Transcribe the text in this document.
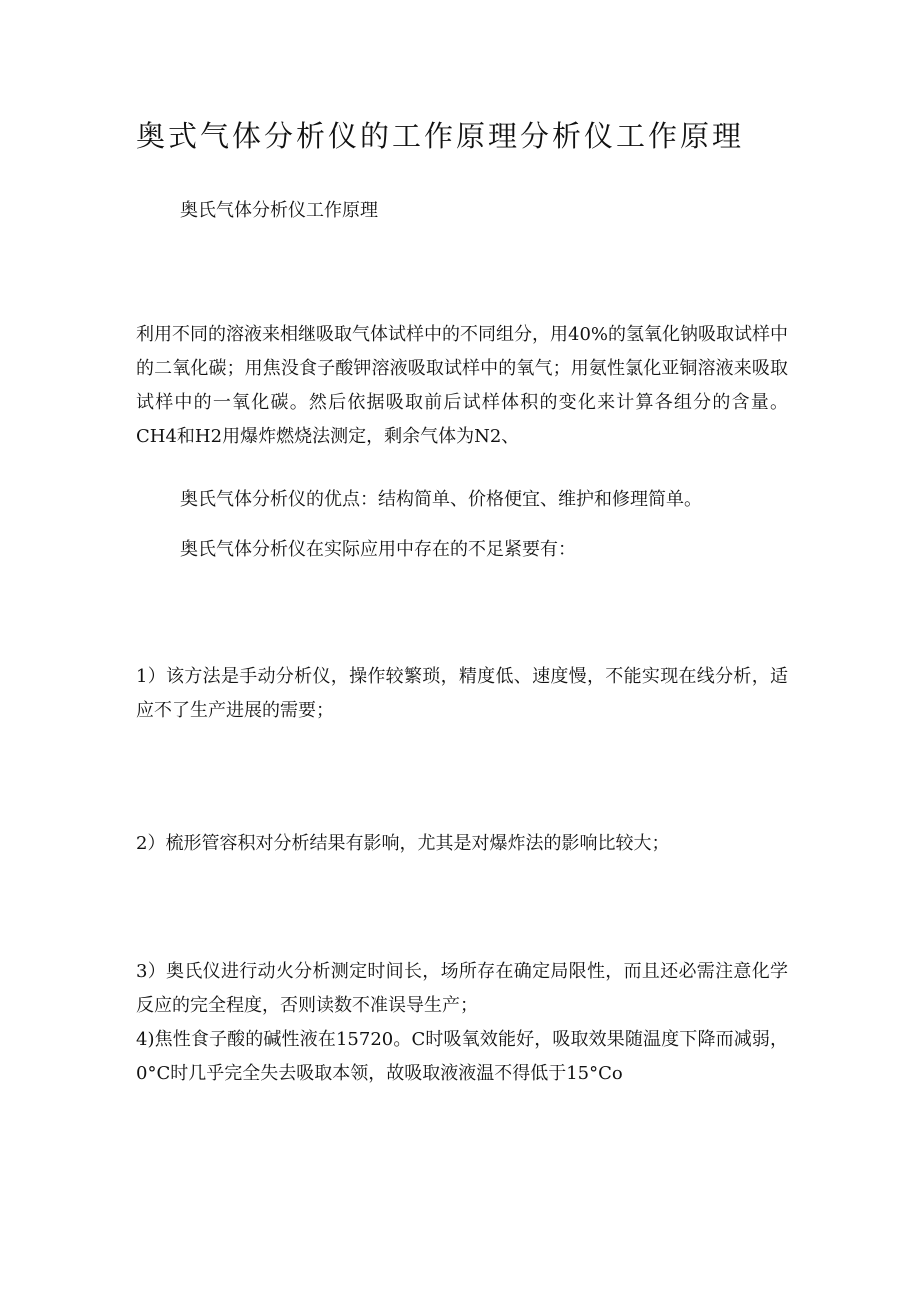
奥式气体分析仪的工作原理分析仪工作原理

奥氏气体分析仪工作原理

利用不同的溶液来相继吸取气体试样中的不同组分，用40%的氢氧化钠吸取试样中的二氧化碳；用焦没食子酸钾溶液吸取试样中的氧气；用氨性氯化亚铜溶液来吸取试样中的一氧化碳。然后依据吸取前后试样体积的变化来计算各组分的含量。CH4和H2用爆炸燃烧法测定，剩余气体为N2、

奥氏气体分析仪的优点：结构简单、价格便宜、维护和修理简单。

奥氏气体分析仪在实际应用中存在的不足紧要有：

1）该方法是手动分析仪，操作较繁琐，精度低、速度慢，不能实现在线分析，适应不了生产进展的需要；

2）梳形管容积对分析结果有影响，尤其是对爆炸法的影响比较大；

3）奥氏仪进行动火分析测定时间长，场所存在确定局限性，而且还必需注意化学反应的完全程度，否则读数不准误导生产；

4)焦性食子酸的碱性液在15720。C时吸氧效能好，吸取效果随温度下降而减弱，0°C时几乎完全失去吸取本领，故吸取液液温不得低于15°Co
